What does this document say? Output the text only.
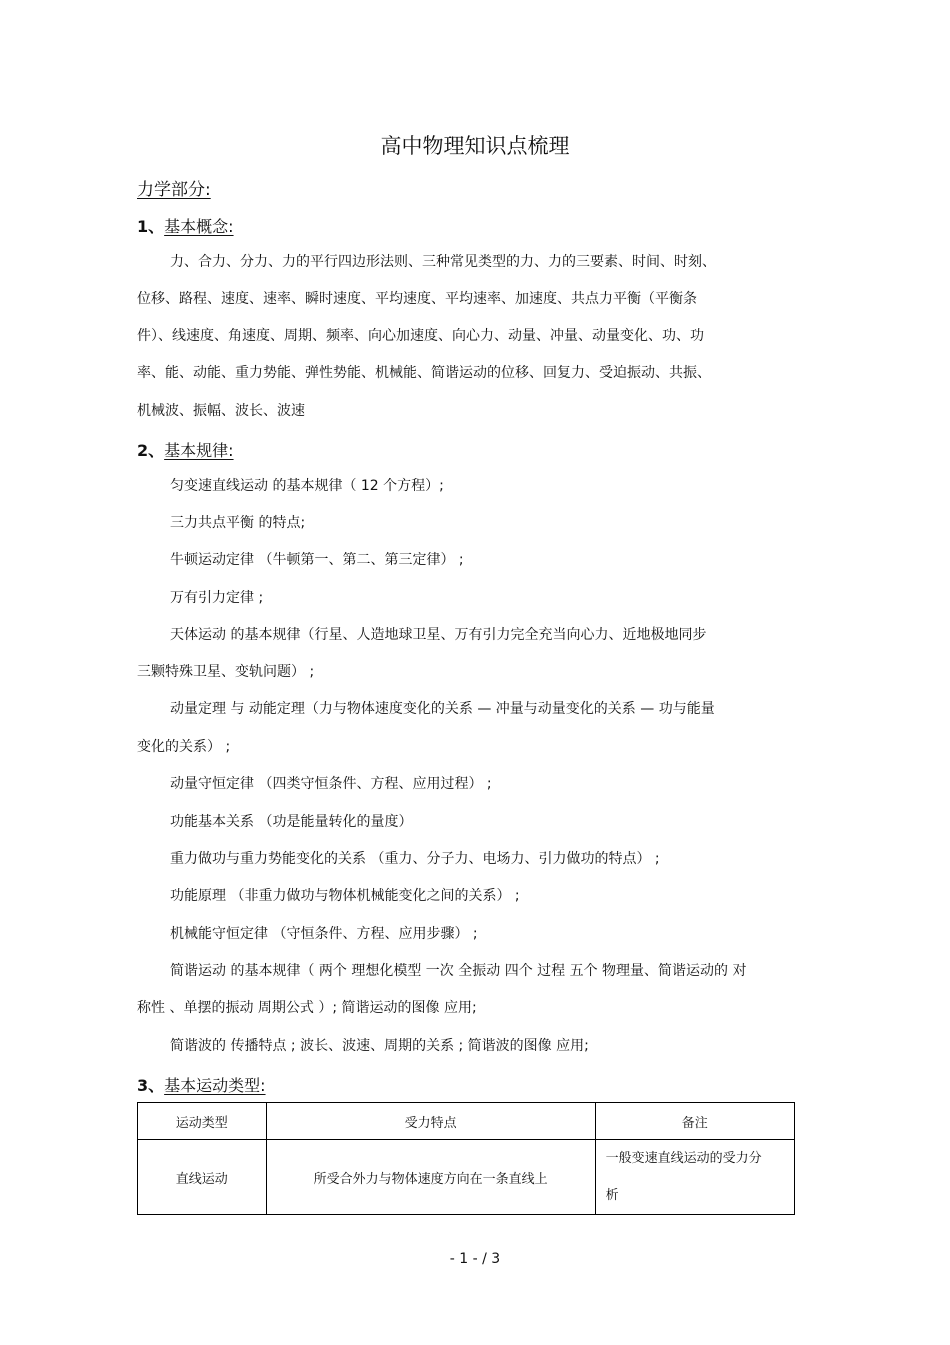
高中物理知识点梳理
力学部分:
1、基本概念:
力、合力、分力、力的平行四边形法则、三种常见类型的力、力的三要素、时间、时刻、
位移、路程、速度、速率、瞬时速度、平均速度、平均速率、加速度、共点力平衡（平衡条
件）、线速度、角速度、周期、频率、向心加速度、向心力、动量、冲量、动量变化、功、功
率、能、动能、重力势能、弹性势能、机械能、简谐运动的位移、回复力、受迫振动、共振、
机械波、振幅、波长、波速
2、基本规律:
匀变速直线运动 的基本规律（ 12 个方程）;
三力共点平衡 的特点;
牛顿运动定律 （牛顿第一、第二、第三定律） ;
万有引力定律 ;
天体运动 的基本规律（行星、人造地球卫星、万有引力完全充当向心力、近地极地同步
三颗特殊卫星、变轨问题） ;
动量定理 与 动能定理（力与物体速度变化的关系 — 冲量与动量变化的关系 — 功与能量
变化的关系） ;
动量守恒定律 （四类守恒条件、方程、应用过程） ;
功能基本关系 （功是能量转化的量度）
重力做功与重力势能变化的关系 （重力、分子力、电场力、引力做功的特点） ;
功能原理 （非重力做功与物体机械能变化之间的关系） ;
机械能守恒定律 （守恒条件、方程、应用步骤） ;
简谐运动 的基本规律（ 两个 理想化模型 一次 全振动 四个 过程 五个 物理量、简谐运动的 对
称性 、单摆的振动 周期公式 ）; 简谐运动的图像 应用;
简谐波的 传播特点 ; 波长、波速、周期的关系 ; 简谐波的图像 应用;
3、基本运动类型:
运动类型	受力特点	备注
直线运动	所受合外力与物体速度方向在一条直线上	一般变速直线运动的受力分
析
- 1 - / 3
